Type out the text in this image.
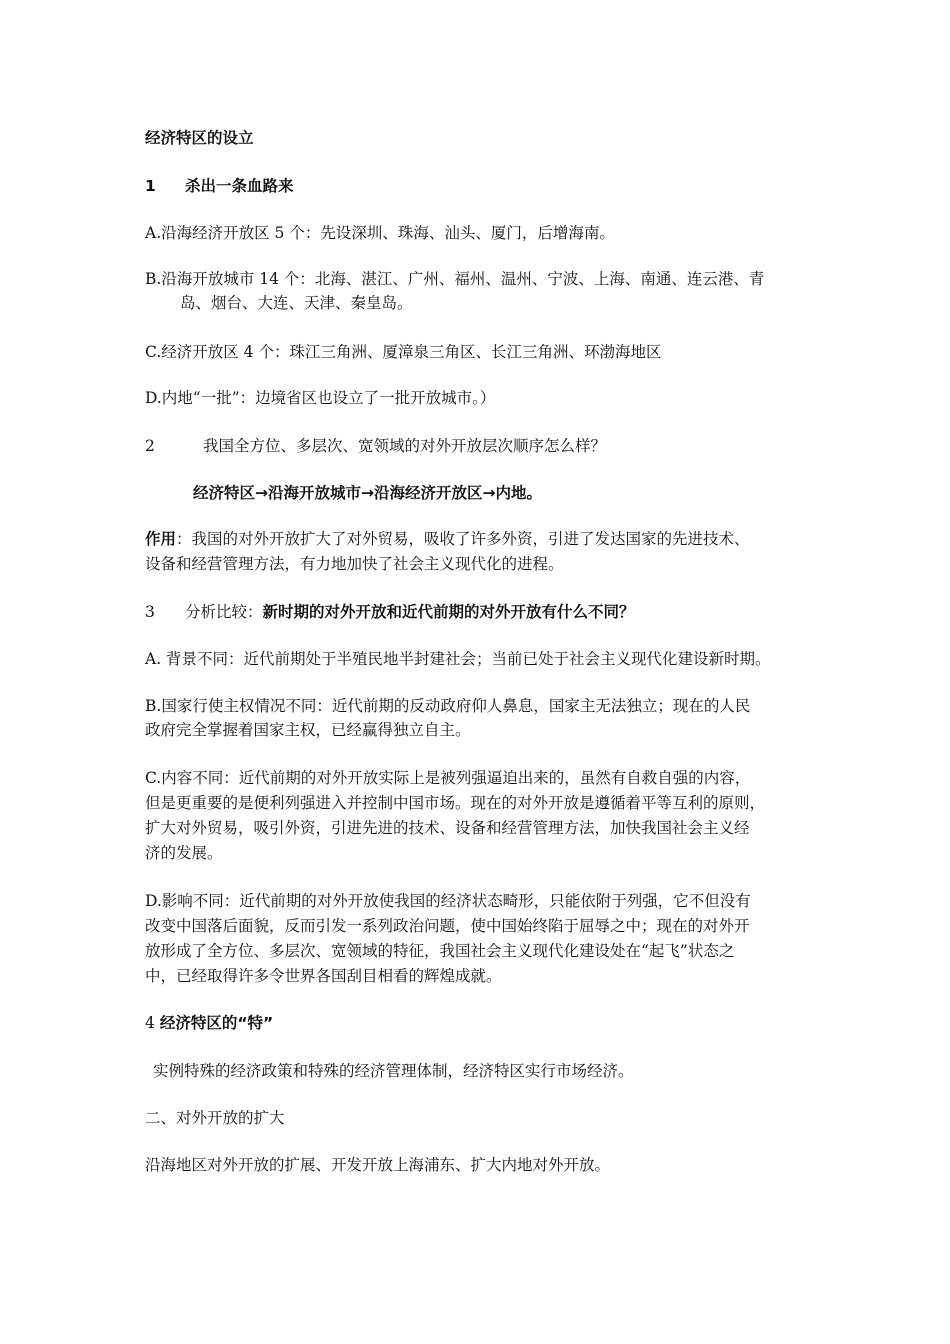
经济特区的设立
1 杀出一条血路来
A.沿海经济开放区 5 个：先设深圳、珠海、汕头、厦门，后增海南。
B.沿海开放城市 14 个：北海、湛江、广州、福州、温州、宁波、上海、南通、连云港、青
岛、烟台、大连、天津、秦皇岛。
C.经济开放区 4 个：珠江三角洲、厦漳泉三角区、长江三角洲、环渤海地区
D.内地“一批”：边境省区也设立了一批开放城市。）
2	我国全方位、多层次、宽领域的对外开放层次顺序怎么样？
经济特区→沿海开放城市→沿海经济开放区→内地。
作用：我国的对外开放扩大了对外贸易，吸收了许多外资，引进了发达国家的先进技术、
设备和经营管理方法，有力地加快了社会主义现代化的进程。
3 分析比较：新时期的对外开放和近代前期的对外开放有什么不同？
A. 背景不同：近代前期处于半殖民地半封建社会；当前已处于社会主义现代化建设新时期。
B.国家行使主权情况不同：近代前期的反动政府仰人鼻息，国家主无法独立；现在的人民
政府完全掌握着国家主权，已经赢得独立自主。
C.内容不同：近代前期的对外开放实际上是被列强逼迫出来的，虽然有自救自强的内容，
但是更重要的是便利列强进入并控制中国市场。现在的对外开放是遵循着平等互利的原则，
扩大对外贸易，吸引外资，引进先进的技术、设备和经营管理方法，加快我国社会主义经
济的发展。
D.影响不同：近代前期的对外开放使我国的经济状态畸形，只能依附于列强，它不但没有
改变中国落后面貌，反而引发一系列政治问题，使中国始终陷于屈辱之中；现在的对外开
放形成了全方位、多层次、宽领域的特征，我国社会主义现代化建设处在“起飞”状态之
中，已经取得许多令世界各国刮目相看的辉煌成就。
4 经济特区的“特”
实例特殊的经济政策和特殊的经济管理体制，经济特区实行市场经济。
二、对外开放的扩大
沿海地区对外开放的扩展、开发开放上海浦东、扩大内地对外开放。
